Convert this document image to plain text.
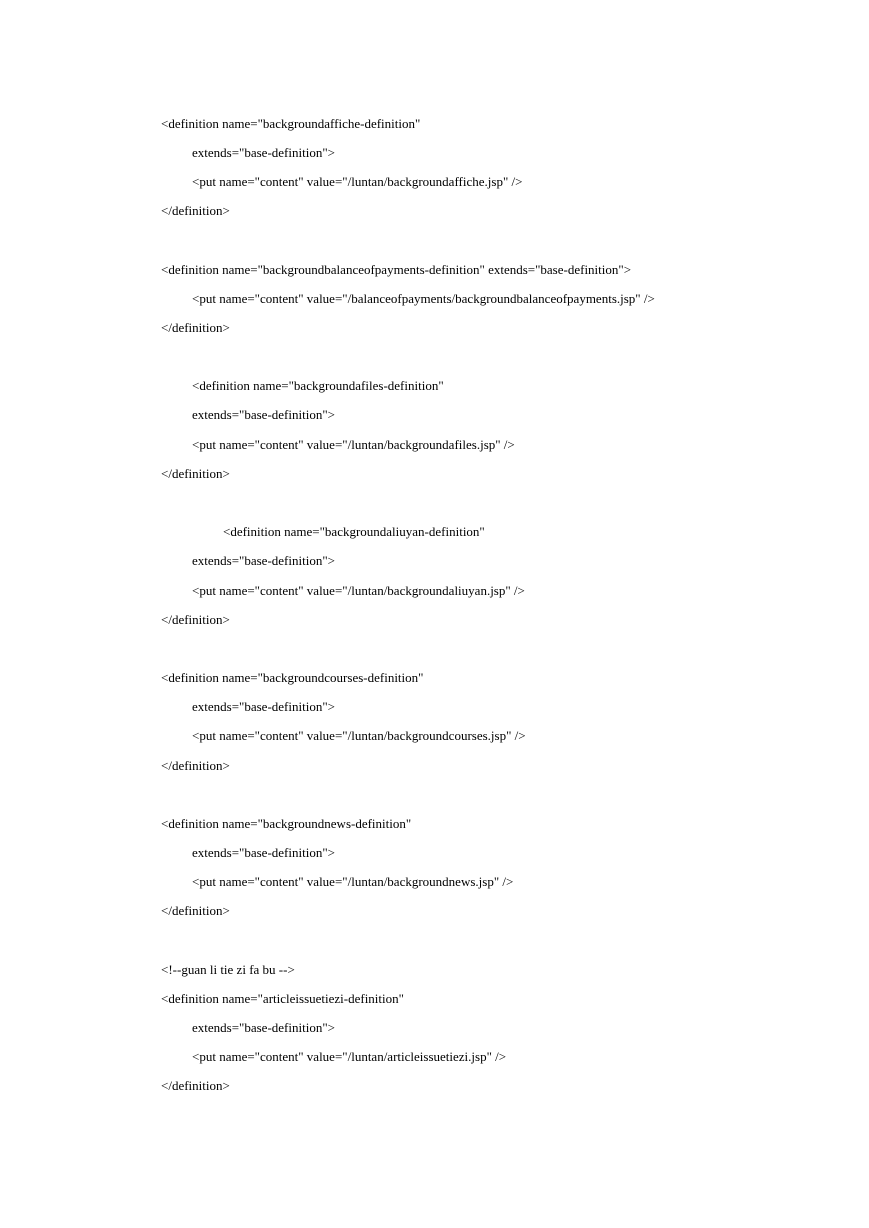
<definition name="backgroundaffiche-definition"
extends="base-definition">
<put name="content" value="/luntan/backgroundaffiche.jsp" />
</definition>
<definition name="backgroundbalanceofpayments-definition" extends="base-definition">
<put name="content" value="/balanceofpayments/backgroundbalanceofpayments.jsp" />
</definition>
<definition name="backgroundafiles-definition"
extends="base-definition">
<put name="content" value="/luntan/backgroundafiles.jsp" />
</definition>
<definition name="backgroundaliuyan-definition"
extends="base-definition">
<put name="content" value="/luntan/backgroundaliuyan.jsp" />
</definition>
<definition name="backgroundcourses-definition"
extends="base-definition">
<put name="content" value="/luntan/backgroundcourses.jsp" />
</definition>
<definition name="backgroundnews-definition"
extends="base-definition">
<put name="content" value="/luntan/backgroundnews.jsp" />
</definition>
<!--guan li tie zi fa bu -->
<definition name="articleissuetiezi-definition"
extends="base-definition">
<put name="content" value="/luntan/articleissuetiezi.jsp" />
</definition>
